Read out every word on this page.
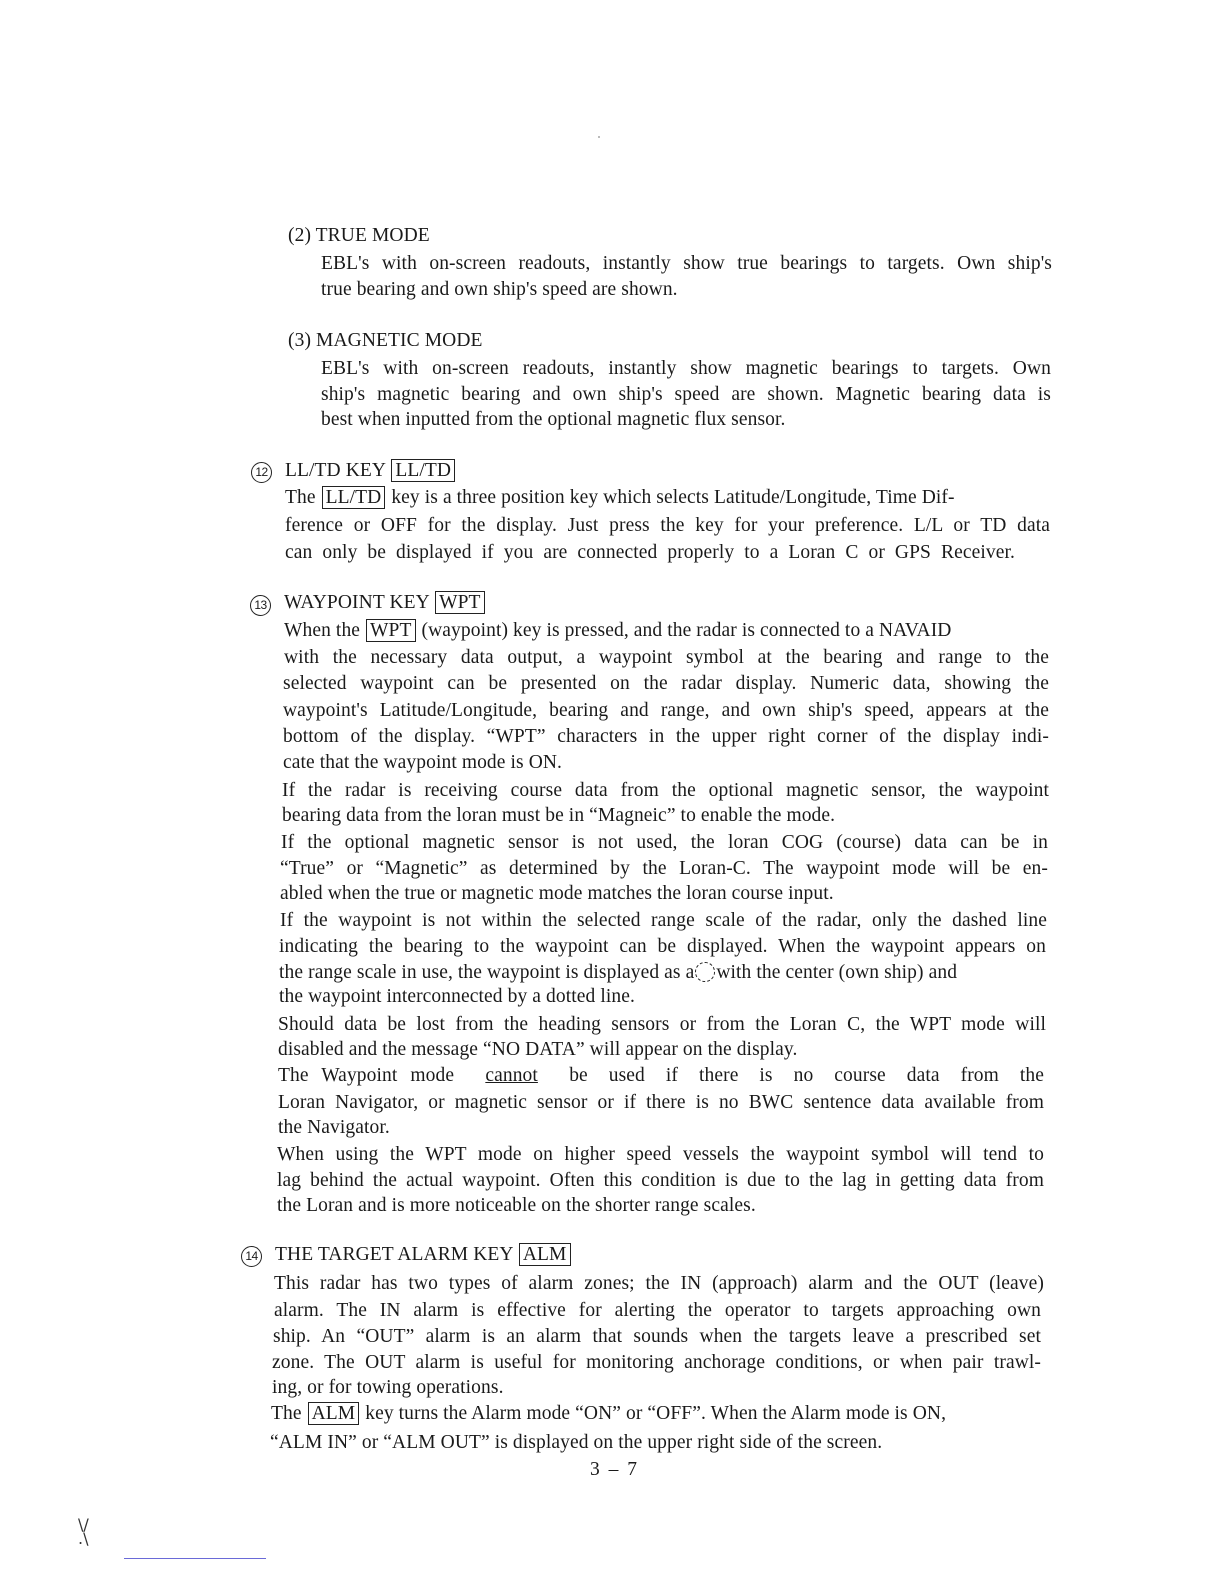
(2) TRUE MODE
EBL's with on-screen readouts, instantly show true bearings to targets. Own ship's
true bearing and own ship's speed are shown.
(3) MAGNETIC MODE
EBL's with on-screen readouts, instantly show magnetic bearings to targets. Own
ship's magnetic bearing and own ship's speed are shown. Magnetic bearing data is
best when inputted from the optional magnetic flux sensor.
12 LL/TD KEY LL/TD
The LL/TD key is a three position key which selects Latitude/Longitude, Time Dif-
ference or OFF for the display. Just press the key for your preference. L/L or TD data
can only be displayed if you are connected properly to a Loran C or GPS Receiver.
13 WAYPOINT KEY WPT
When the WPT (waypoint) key is pressed, and the radar is connected to a NAVAID
with the necessary data output, a waypoint symbol at the bearing and range to the
selected waypoint can be presented on the radar display. Numeric data, showing the
waypoint's Latitude/Longitude, bearing and range, and own ship's speed, appears at the
bottom of the display. “WPT” characters in the upper right corner of the display indi-
cate that the waypoint mode is ON.
If the radar is receiving course data from the optional magnetic sensor, the waypoint
bearing data from the loran must be in “Magneic” to enable the mode.
If the optional magnetic sensor is not used, the loran COG (course) data can be in
“True” or “Magnetic” as determined by the Loran-C. The waypoint mode will be en-
abled when the true or magnetic mode matches the loran course input.
If the waypoint is not within the selected range scale of the radar, only the dashed line
indicating the bearing to the waypoint can be displayed. When the waypoint appears on
the range scale in use, the waypoint is displayed as a with the center (own ship) and
the waypoint interconnected by a dotted line.
Should data be lost from the heading sensors or from the Loran C, the WPT mode will
disabled and the message “NO DATA” will appear on the display.
The Waypoint mode cannot be used if there is no course data from the
Loran Navigator, or magnetic sensor or if there is no BWC sentence data available from
the Navigator.
When using the WPT mode on higher speed vessels the waypoint symbol will tend to
lag behind the actual waypoint. Often this condition is due to the lag in getting data from
the Loran and is more noticeable on the shorter range scales.
14 THE TARGET ALARM KEY ALM
This radar has two types of alarm zones; the IN (approach) alarm and the OUT (leave)
alarm. The IN alarm is effective for alerting the operator to targets approaching own
ship. An “OUT” alarm is an alarm that sounds when the targets leave a prescribed set
zone. The OUT alarm is useful for monitoring anchorage conditions, or when pair trawl-
ing, or for towing operations.
The ALM key turns the Alarm mode “ON” or “OFF”. When the Alarm mode is ON,
“ALM IN” or “ALM OUT” is displayed on the upper right side of the screen.
3 – 7
\/
.\
